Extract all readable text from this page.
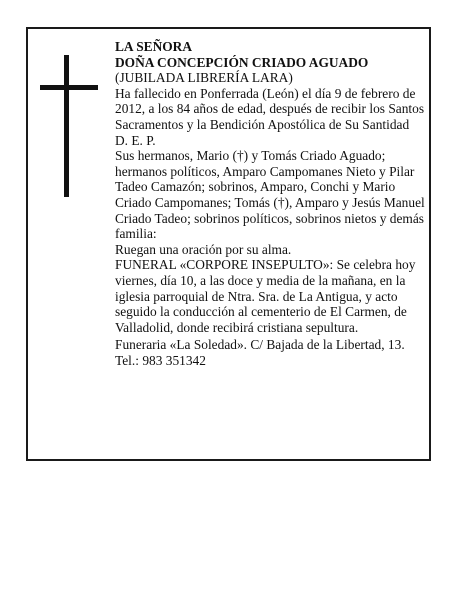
LA SEÑORA

DOÑA CONCEPCIÓN CRIADO AGUADO

(JUBILADA LIBRERÍA LARA)

Ha fallecido en Ponferrada (León) el día 9 de febrero de 2012, a los 84 años de edad, después de recibir los Santos Sacramentos y la Bendición Apostólica de Su Santidad

D. E. P.

Sus hermanos, Mario (†) y Tomás Criado Aguado; hermanos políticos, Amparo Campomanes Nieto y Pilar Tadeo Camazón; sobrinos, Amparo, Conchi y Mario Criado Campomanes; Tomás (†), Amparo y Jesús Manuel Criado Tadeo; sobrinos políticos, sobrinos nietos y demás familia:

Ruegan una oración por su alma.

FUNERAL «CORPORE INSEPULTO»: Se celebra hoy viernes, día 10, a las doce y media de la mañana, en la iglesia parroquial de Ntra. Sra. de La Antigua, y acto seguido la conducción al cementerio de El Carmen, de Valladolid, donde recibirá cristiana sepultura.

Funeraria «La Soledad». C/ Bajada de la Libertad, 13. Tel.: 983 351342
